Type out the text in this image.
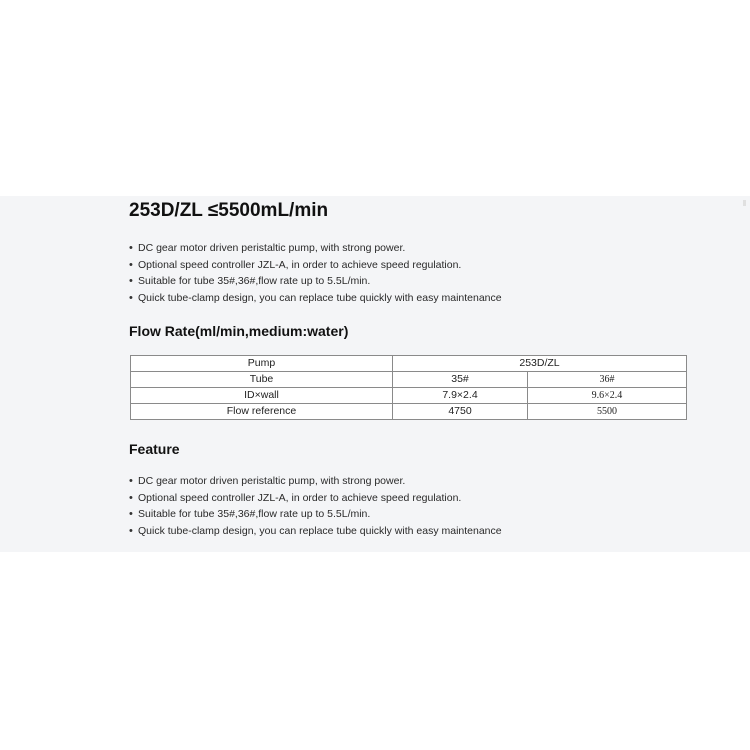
253D/ZL ≤5500mL/min
• DC gear motor driven peristaltic pump, with strong power.
• Optional speed controller JZL-A, in order to achieve speed regulation.
• Suitable for tube 35#,36#,flow rate up to 5.5L/min.
• Quick tube-clamp design, you can replace tube quickly with easy maintenance
Flow Rate(ml/min,medium:water)
Pump	253D/ZL	
Tube	35#	36#
ID×wall	7.9×2.4	9.6×2.4
Flow reference	4750	5500
Feature
• DC gear motor driven peristaltic pump, with strong power.
• Optional speed controller JZL-A, in order to achieve speed regulation.
• Suitable for tube 35#,36#,flow rate up to 5.5L/min.
• Quick tube-clamp design, you can replace tube quickly with easy maintenance
